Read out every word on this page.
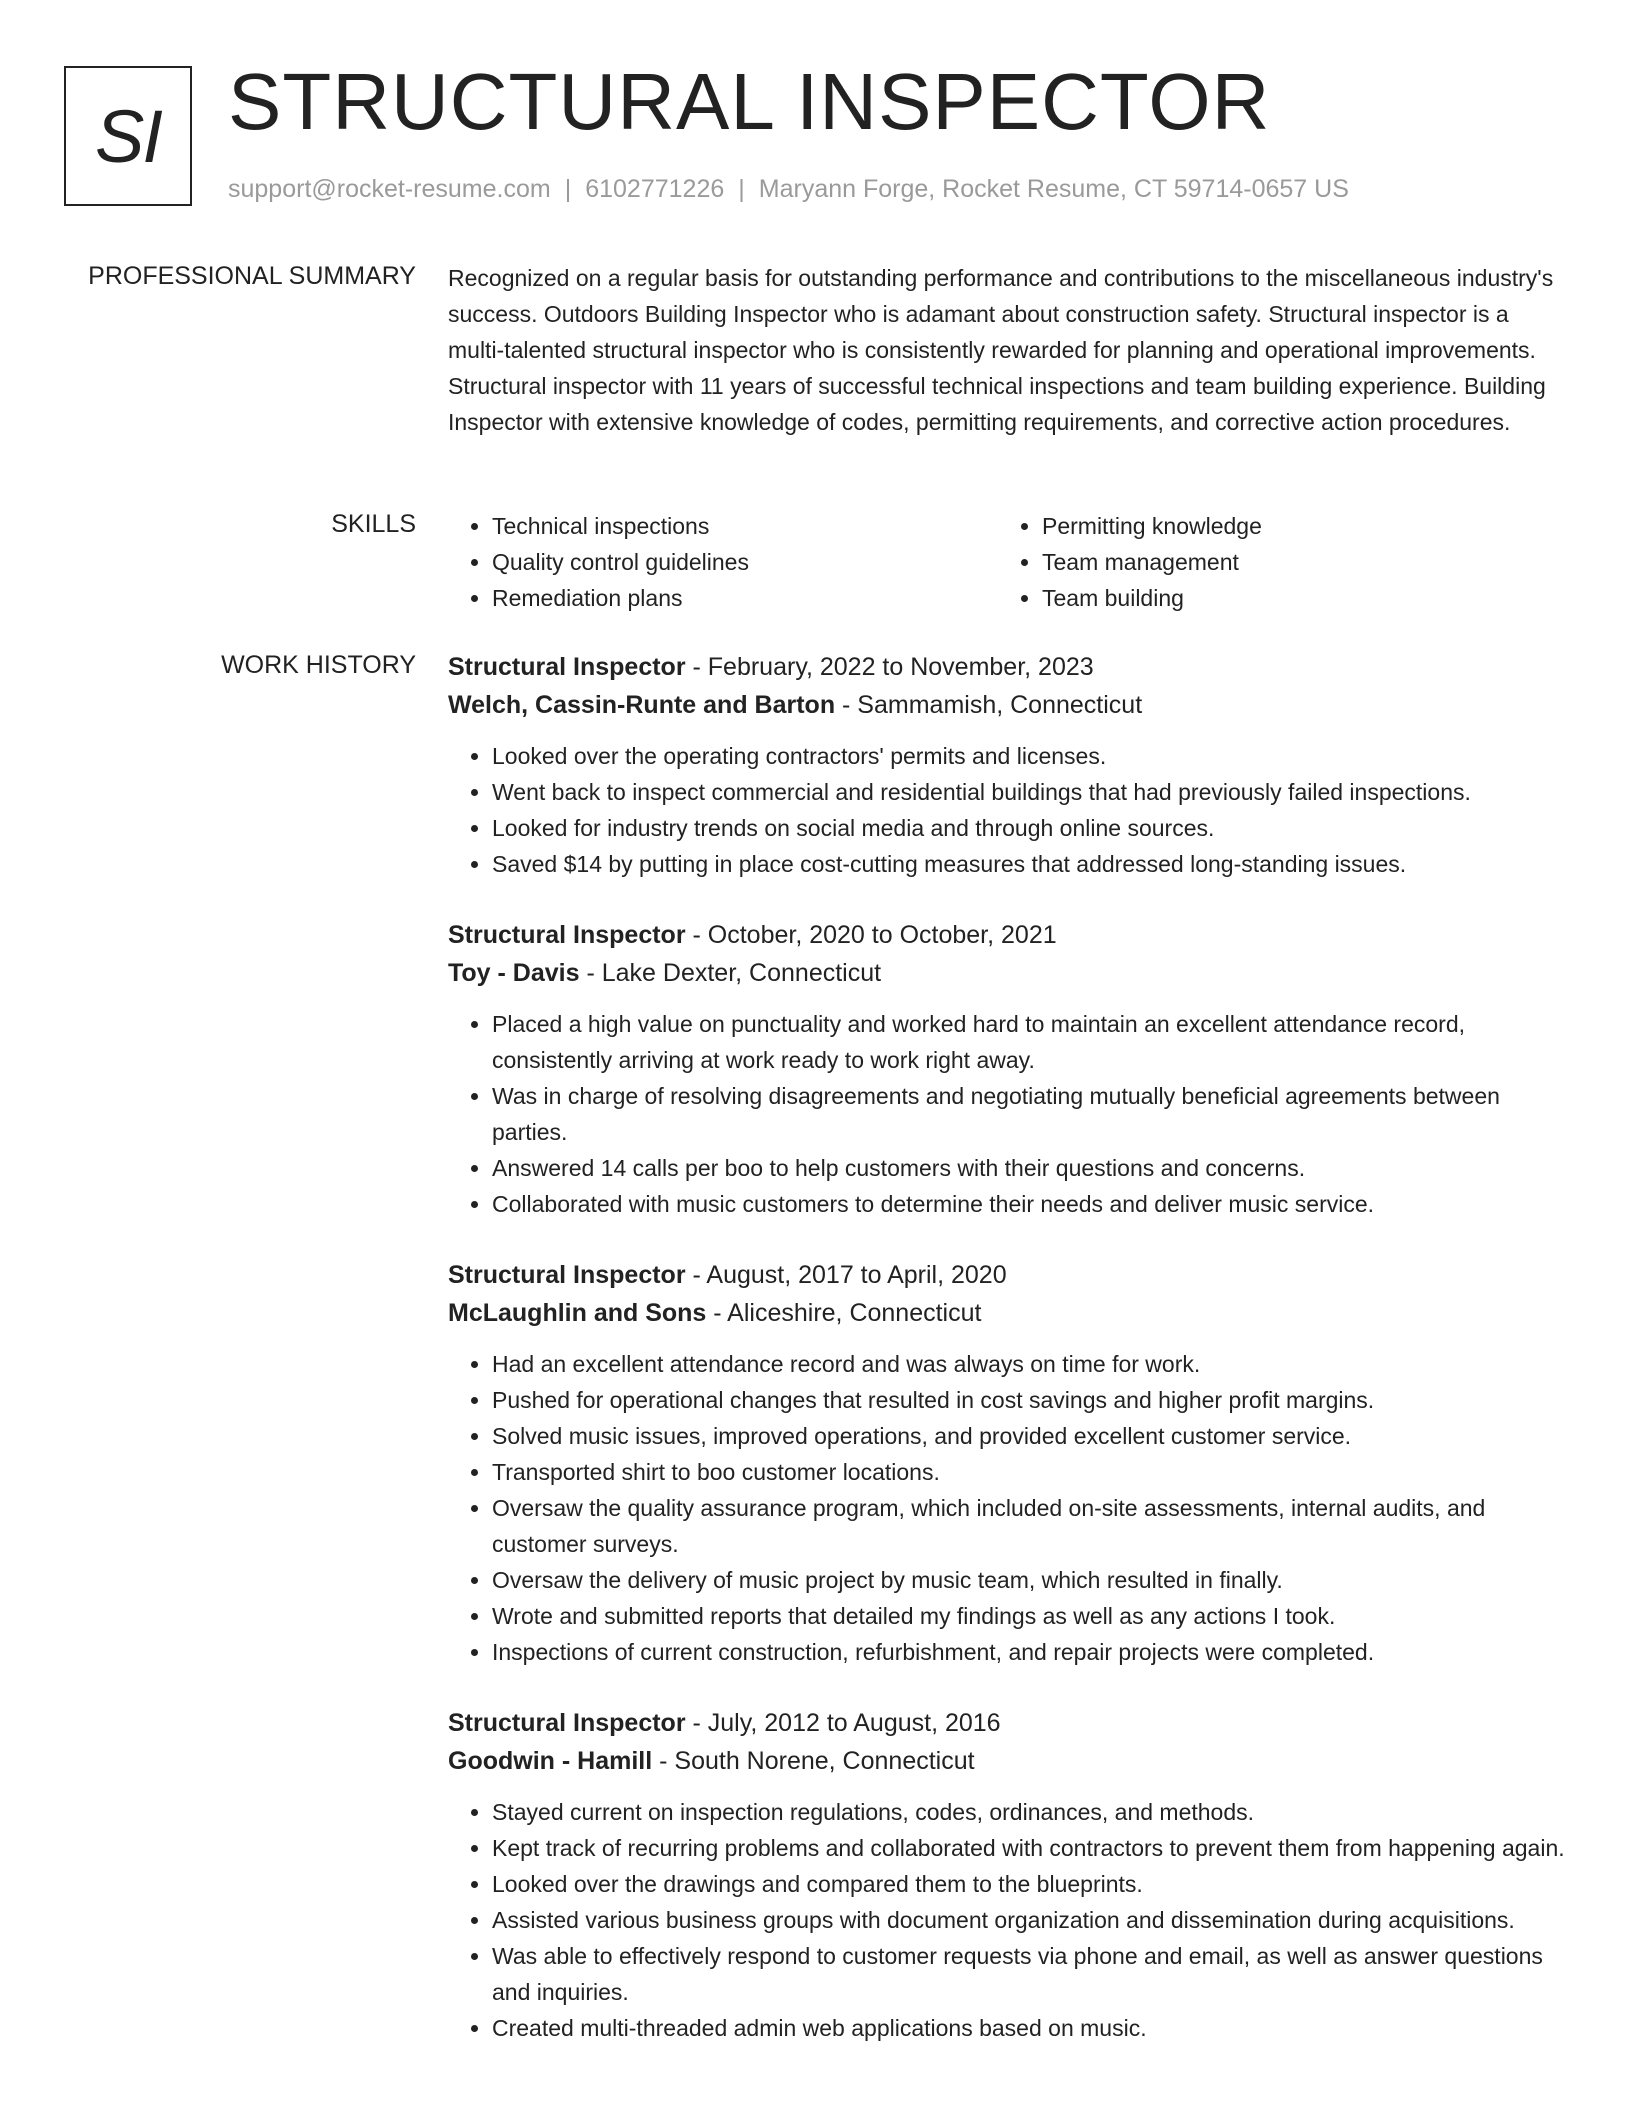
SI STRUCTURAL INSPECTOR
support@rocket-resume.com | 6102771226 | Maryann Forge, Rocket Resume, CT 59714-0657 US
PROFESSIONAL SUMMARY Recognized on a regular basis for outstanding performance and contributions to the miscellaneous industry's success. Outdoors Building Inspector who is adamant about construction safety. Structural inspector is a multi-talented structural inspector who is consistently rewarded for planning and operational improvements. Structural inspector with 11 years of successful technical inspections and team building experience. Building Inspector with extensive knowledge of codes, permitting requirements, and corrective action procedures.

SKILLS
•	Technical inspections
• Quality control guidelines
• Remediation plans
• Permitting knowledge
• Team management
• Team building
WORK HISTORY Structural Inspector - February, 2022 to November, 2023
Welch, Cassin-Runte and Barton - Sammamish, Connecticut
• Looked over the operating contractors' permits and licenses.
• Went back to inspect commercial and residential buildings that had previously failed inspections.
• Looked for industry trends on social media and through online sources.
• Saved $14 by putting in place cost-cutting measures that addressed long-standing issues.
Structural Inspector - October, 2020 to October, 2021
Toy - Davis - Lake Dexter, Connecticut
• Placed a high value on punctuality and worked hard to maintain an excellent attendance record, consistently arriving at work ready to work right away.
• Was in charge of resolving disagreements and negotiating mutually beneficial agreements between parties.
• Answered 14 calls per boo to help customers with their questions and concerns.
• Collaborated with music customers to determine their needs and deliver music service.
Structural Inspector - August, 2017 to April, 2020
McLaughlin and Sons - Aliceshire, Connecticut
• Had an excellent attendance record and was always on time for work.
• Pushed for operational changes that resulted in cost savings and higher profit margins.
• Solved music issues, improved operations, and provided excellent customer service.
• Transported shirt to boo customer locations.
• Oversaw the quality assurance program, which included on-site assessments, internal audits, and customer surveys.
• Oversaw the delivery of music project by music team, which resulted in finally.
• Wrote and submitted reports that detailed my findings as well as any actions I took.
• Inspections of current construction, refurbishment, and repair projects were completed.
Structural Inspector - July, 2012 to August, 2016
Goodwin - Hamill - South Norene, Connecticut
• Stayed current on inspection regulations, codes, ordinances, and methods.
• Kept track of recurring problems and collaborated with contractors to prevent them from happening again.
• Looked over the drawings and compared them to the blueprints.
• Assisted various business groups with document organization and dissemination during acquisitions.
• Was able to effectively respond to customer requests via phone and email, as well as answer questions and inquiries.
• Created multi-threaded admin web applications based on music.
